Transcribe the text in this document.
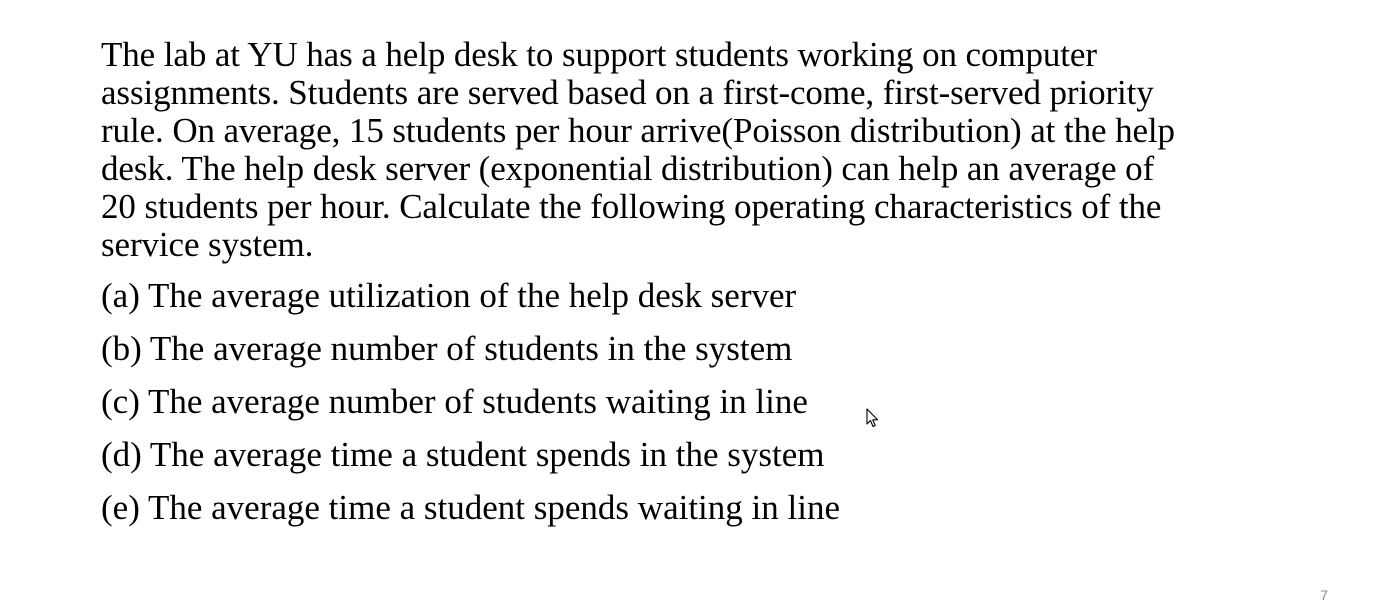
The lab at YU has a help desk to support students working on computer
assignments. Students are served based on a first-come, first-served priority
rule. On average, 15 students per hour arrive(Poisson distribution) at the help
desk. The help desk server (exponential distribution) can help an average of
20 students per hour. Calculate the following operating characteristics of the
service system.

(a) The average utilization of the help desk server
(b) The average number of students in the system
(c) The average number of students waiting in line
(d) The average time a student spends in the system
(e) The average time a student spends waiting in line
7
